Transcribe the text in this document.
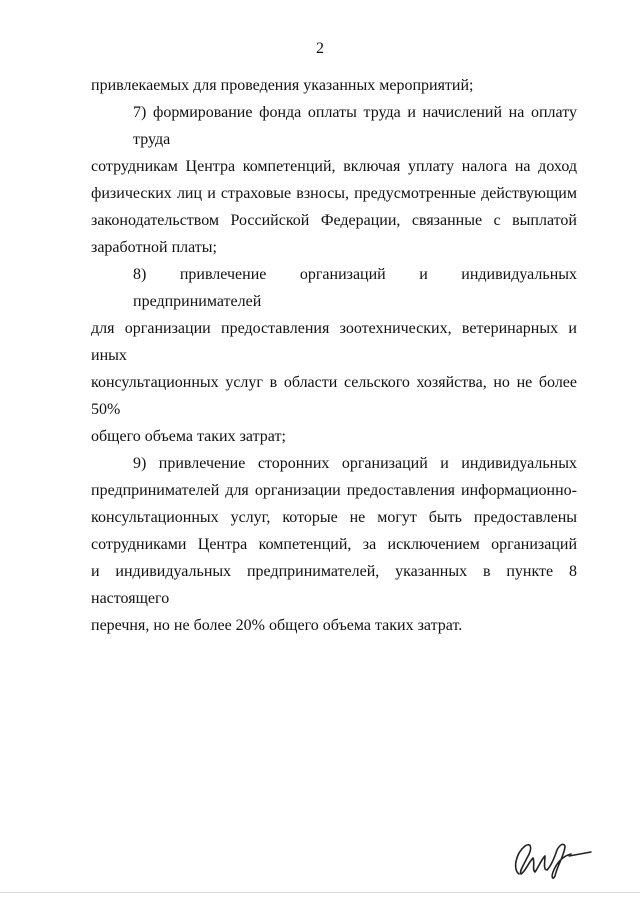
2

привлекаемых для проведения указанных мероприятий;

7) формирование фонда оплаты труда и начислений на оплату труда
сотрудникам Центра компетенций, включая уплату налога на доход
физических лиц и страховые взносы, предусмотренные действующим
законодательством Российской Федерации, связанные с выплатой
заработной платы;

8) привлечение организаций и индивидуальных предпринимателей
для организации предоставления зоотехнических, ветеринарных и иных
консультационных услуг в области сельского хозяйства, но не более 50%
общего объема таких затрат;

9) привлечение сторонних организаций и индивидуальных
предпринимателей для организации предоставления информационно-
консультационных услуг, которые не могут быть предоставлены
сотрудниками Центра компетенций, за исключением организаций
и индивидуальных предпринимателей, указанных в пункте 8 настоящего
перечня, но не более 20% общего объема таких затрат.
